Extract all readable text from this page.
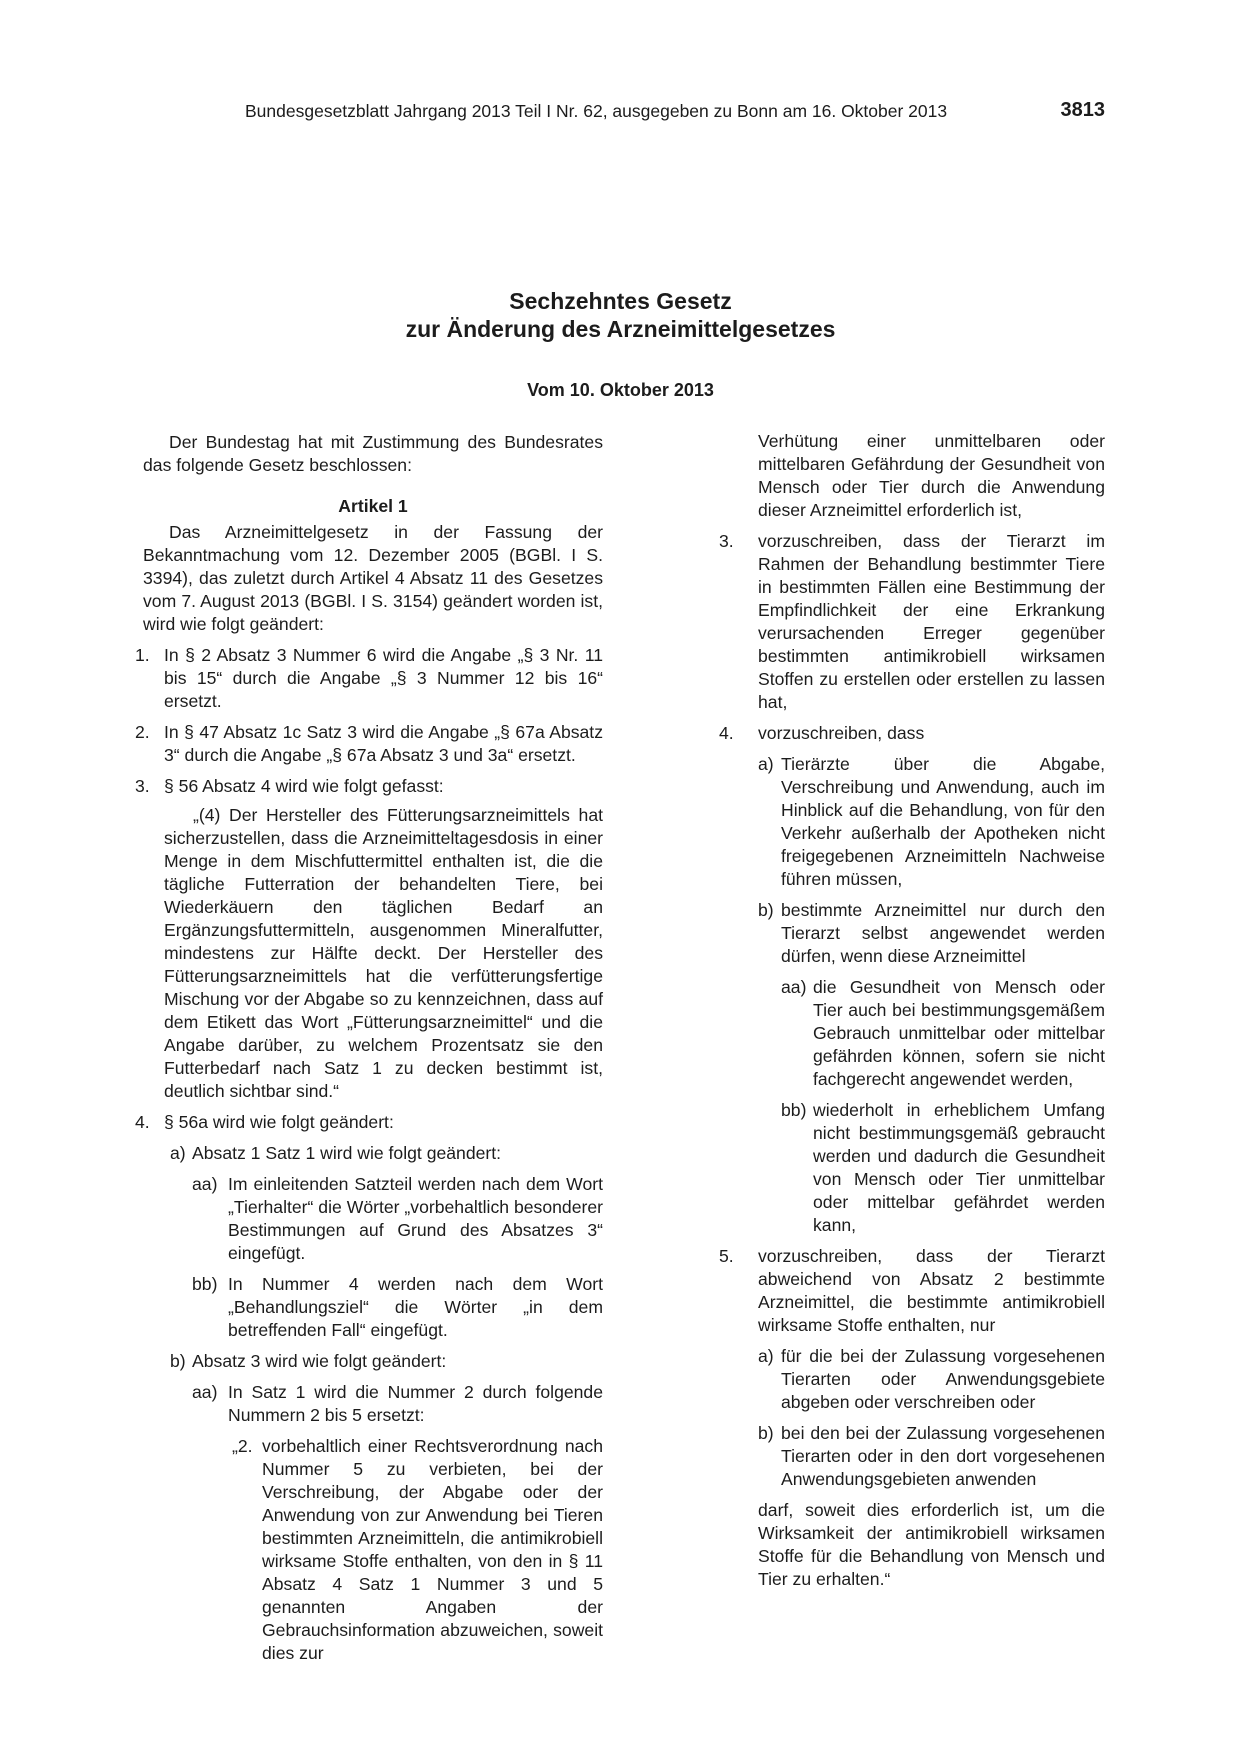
Bundesgesetzblatt Jahrgang 2013 Teil I Nr. 62, ausgegeben zu Bonn am 16. Oktober 2013	3813
Sechzehntes Gesetz
zur Änderung des Arzneimittelgesetzes
Vom 10. Oktober 2013

Der Bundestag hat mit Zustimmung des Bundesrates das folgende Gesetz beschlossen:

Artikel 1

Das Arzneimittelgesetz in der Fassung der Bekanntmachung vom 12. Dezember 2005 (BGBl. I S. 3394), das zuletzt durch Artikel 4 Absatz 11 des Gesetzes vom 7. August 2013 (BGBl. I S. 3154) geändert worden ist, wird wie folgt geändert:

1. In § 2 Absatz 3 Nummer 6 wird die Angabe „§ 3 Nr. 11 bis 15“ durch die Angabe „§ 3 Nummer 12 bis 16“ ersetzt.

2. In § 47 Absatz 1c Satz 3 wird die Angabe „§ 67a Absatz 3“ durch die Angabe „§ 67a Absatz 3 und 3a“ ersetzt.

3. § 56 Absatz 4 wird wie folgt gefasst:

„(4) Der Hersteller des Fütterungsarzneimittels hat sicherzustellen, dass die Arzneimitteltagesdosis in einer Menge in dem Mischfuttermittel enthalten ist, die die tägliche Futterration der behandelten Tiere, bei Wiederkäuern den täglichen Bedarf an Ergänzungsfuttermitteln, ausgenommen Mineralfutter, mindestens zur Hälfte deckt. Der Hersteller des Fütterungsarzneimittels hat die verfütterungsfertige Mischung vor der Abgabe so zu kennzeichnen, dass auf dem Etikett das Wort „Fütterungsarzneimittel“ und die Angabe darüber, zu welchem Prozentsatz sie den Futterbedarf nach Satz 1 zu decken bestimmt ist, deutlich sichtbar sind.“

4. § 56a wird wie folgt geändert:

a) Absatz 1 Satz 1 wird wie folgt geändert:

aa) Im einleitenden Satzteil werden nach dem Wort „Tierhalter“ die Wörter „vorbehaltlich besonderer Bestimmungen auf Grund des Absatzes 3“ eingefügt.

bb) In Nummer 4 werden nach dem Wort „Behandlungsziel“ die Wörter „in dem betreffenden Fall“ eingefügt.

b) Absatz 3 wird wie folgt geändert:

aa) In Satz 1 wird die Nummer 2 durch folgende Nummern 2 bis 5 ersetzt:

„2. vorbehaltlich einer Rechtsverordnung nach Nummer 5 zu verbieten, bei der Verschreibung, der Abgabe oder der Anwendung von zur Anwendung bei Tieren bestimmten Arzneimitteln, die antimikrobiell wirksame Stoffe enthalten, von den in § 11 Absatz 4 Satz 1 Nummer 3 und 5 genannten Angaben der Gebrauchsinformation abzuweichen, soweit dies zur

Verhütung einer unmittelbaren oder mittelbaren Gefährdung der Gesundheit von Mensch oder Tier durch die Anwendung dieser Arzneimittel erforderlich ist,

3. vorzuschreiben, dass der Tierarzt im Rahmen der Behandlung bestimmter Tiere in bestimmten Fällen eine Bestimmung der Empfindlichkeit der eine Erkrankung verursachenden Erreger gegenüber bestimmten antimikrobiell wirksamen Stoffen zu erstellen oder erstellen zu lassen hat,

4. vorzuschreiben, dass

a) Tierärzte über die Abgabe, Verschreibung und Anwendung, auch im Hinblick auf die Behandlung, von für den Verkehr außerhalb der Apotheken nicht freigegebenen Arzneimitteln Nachweise führen müssen,

b) bestimmte Arzneimittel nur durch den Tierarzt selbst angewendet werden dürfen, wenn diese Arzneimittel

aa) die Gesundheit von Mensch oder Tier auch bei bestimmungsgemäßem Gebrauch unmittelbar oder mittelbar gefährden können, sofern sie nicht fachgerecht angewendet werden,

bb) wiederholt in erheblichem Umfang nicht bestimmungsgemäß gebraucht werden und dadurch die Gesundheit von Mensch oder Tier unmittelbar oder mittelbar gefährdet werden kann,

5. vorzuschreiben, dass der Tierarzt abweichend von Absatz 2 bestimmte Arzneimittel, die bestimmte antimikrobiell wirksame Stoffe enthalten, nur

a) für die bei der Zulassung vorgesehenen Tierarten oder Anwendungsgebiete abgeben oder verschreiben oder

b) bei den bei der Zulassung vorgesehenen Tierarten oder in den dort vorgesehenen Anwendungsgebieten anwenden

darf, soweit dies erforderlich ist, um die Wirksamkeit der antimikrobiell wirksamen Stoffe für die Behandlung von Mensch und Tier zu erhalten.“
